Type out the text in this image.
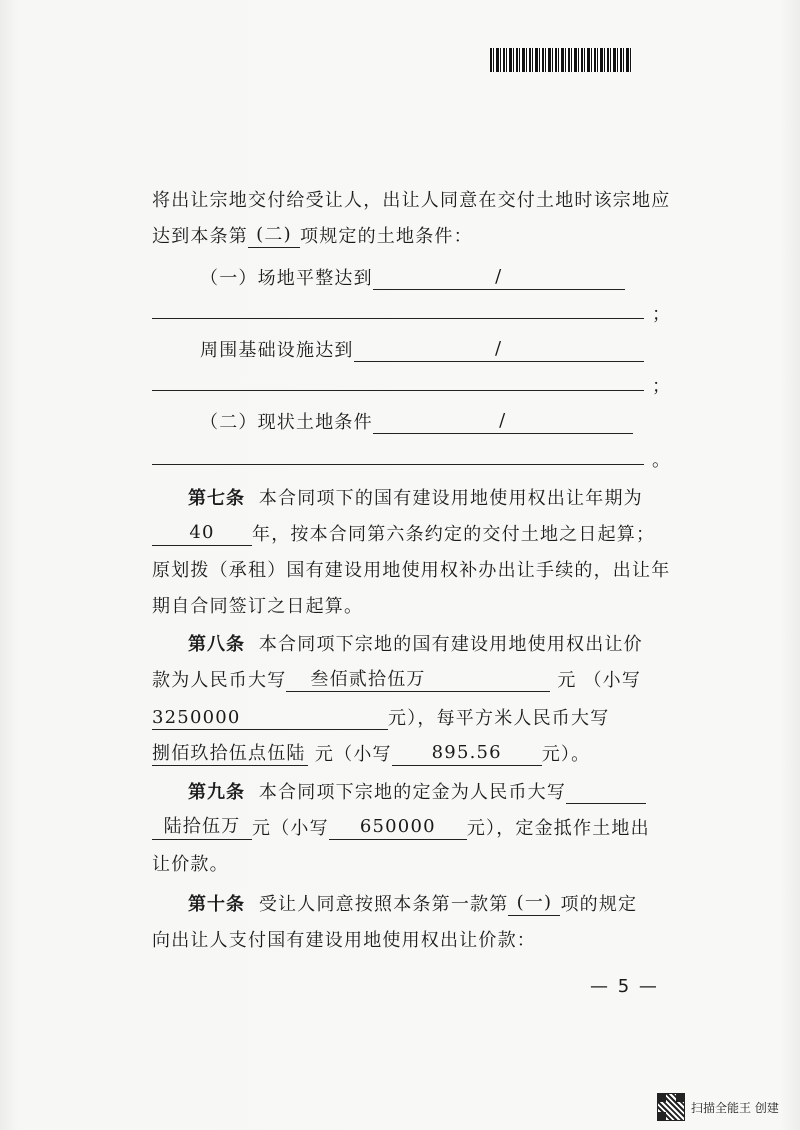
将出让宗地交付给受让人，出让人同意在交付土地时该宗地应
达到本条第 (二) 项规定的土地条件：
（一）场地平整达到	/
；
周围基础设施达到	/
；
（二）现状土地条件	/
。
第七条 本合同项下的国有建设用地使用权出让年期为
40 年，按本合同第六条约定的交付土地之日起算；
原划拨（承租）国有建设用地使用权补办出让手续的，出让年
期自合同签订之日起算。
第八条 本合同项下宗地的国有建设用地使用权出让价
款为人民币大写 叁佰贰拾伍万	元 （小写
3250000	元），每平方米人民币大写
捌佰玖拾伍点伍陆 元（小写 895.56 元）。
第九条 本合同项下宗地的定金为人民币大写
陆拾伍万 元（小写 650000 元），定金抵作土地出
让价款。
第十条 受让人同意按照本条第一款第 (一) 项的规定
向出让人支付国有建设用地使用权出让价款：
— 5 —
扫描全能王 创建
